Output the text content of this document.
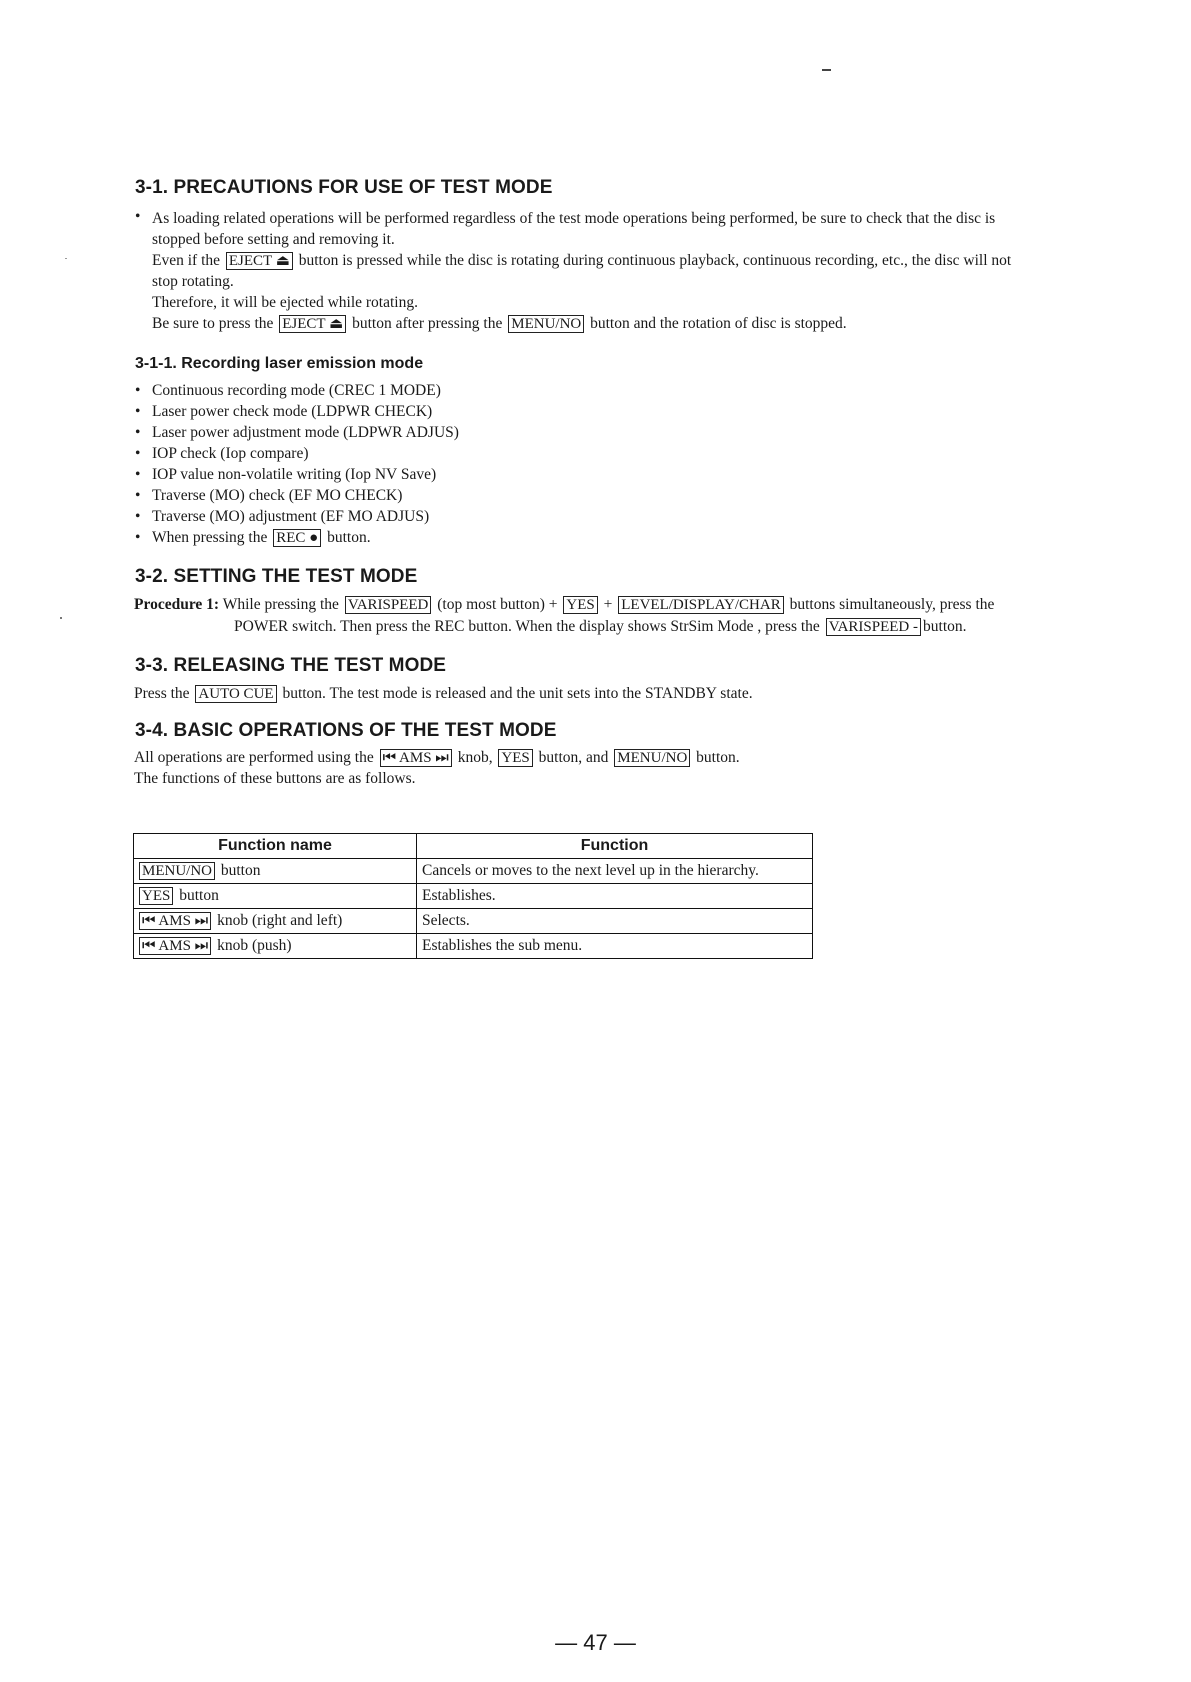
3-1. PRECAUTIONS FOR USE OF TEST MODE
• As loading related operations will be performed regardless of the test mode operations being performed, be sure to check that the disc is
stopped before setting and removing it.
Even if the EJECT ⏏ button is pressed while the disc is rotating during continuous playback, continuous recording, etc., the disc will not
stop rotating.
Therefore, it will be ejected while rotating.
Be sure to press the EJECT ⏏ button after pressing the MENU/NO button and the rotation of disc is stopped.
3-1-1. Recording laser emission mode
• Continuous recording mode (CREC 1 MODE)
• Laser power check mode (LDPWR CHECK)
• Laser power adjustment mode (LDPWR ADJUS)
• IOP check (Iop compare)
• IOP value non-volatile writing (Iop NV Save)
• Traverse (MO) check (EF MO CHECK)
• Traverse (MO) adjustment (EF MO ADJUS)
• When pressing the REC ● button.
3-2. SETTING THE TEST MODE
Procedure 1: While pressing the VARISPEED (top most button) + YES + LEVEL/DISPLAY/CHAR buttons simultaneously, press the
POWER switch. Then press the REC button. When the display shows StrSim Mode , press the VARISPEED - button.
3-3. RELEASING THE TEST MODE
Press the AUTO CUE button. The test mode is released and the unit sets into the STANDBY state.
3-4. BASIC OPERATIONS OF THE TEST MODE
All operations are performed using the ⏮ AMS ⏭ knob, YES button, and MENU/NO button.
The functions of these buttons are as follows.
Function name	Function
MENU/NO button	Cancels or moves to the next level up in the hierarchy.
YES button	Establishes.
⏮ AMS ⏭ knob (right and left)	Selects.
⏮ AMS ⏭ knob (push)	Establishes the sub menu.
— 47 —
